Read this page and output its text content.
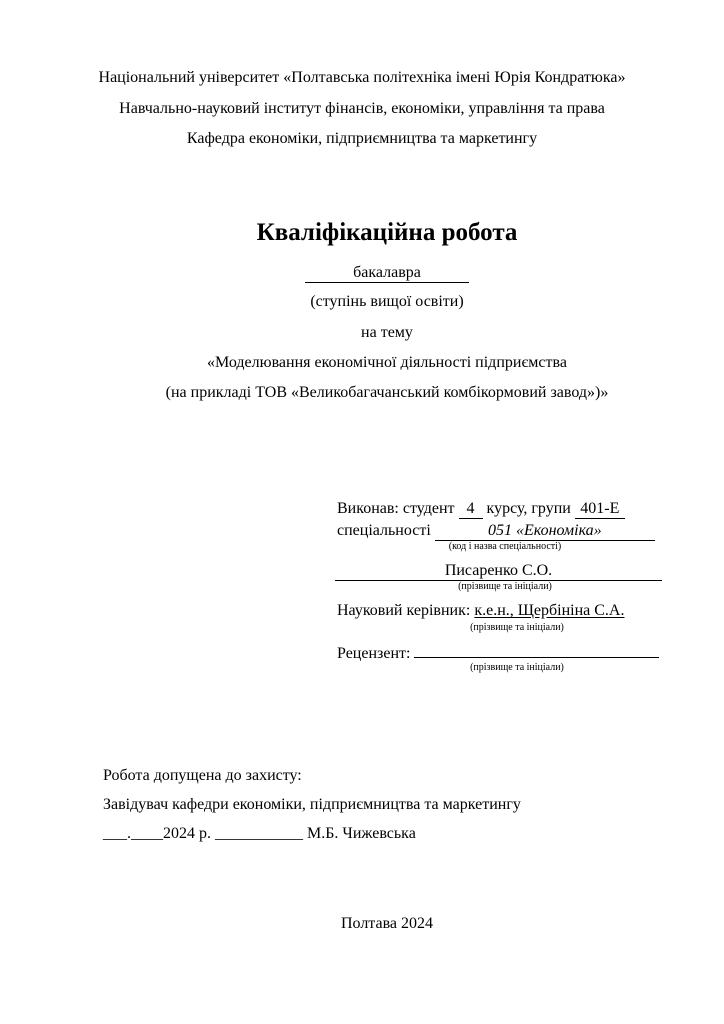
Національний університет «Полтавська політехніка імені Юрія Кондратюка»
Навчально-науковий інститут фінансів, економіки, управління та права
Кафедра економіки, підприємництва та маркетингу
Кваліфікаційна робота
бакалавра
(ступінь вищої освіти)
на тему
«Моделювання економічної діяльності підприємства
(на прикладі ТОВ «Великобагачанський комбікормовий завод»)»
Виконав: студент 4 курсу, групи 401-Е
спеціальності	051 «Економіка»
(код і назва спеціальності)
Писаренко С.О.
(прізвище та ініціали)
Науковий керівник: к.е.н., Щербініна С.А.
(прізвище та ініціали)
Рецензент:
(прізвище та ініціали)
Робота допущена до захисту:
Завідувач кафедри економіки, підприємництва та маркетингу
___.____2024 р. ___________ М.Б. Чижевська
Полтава 2024
